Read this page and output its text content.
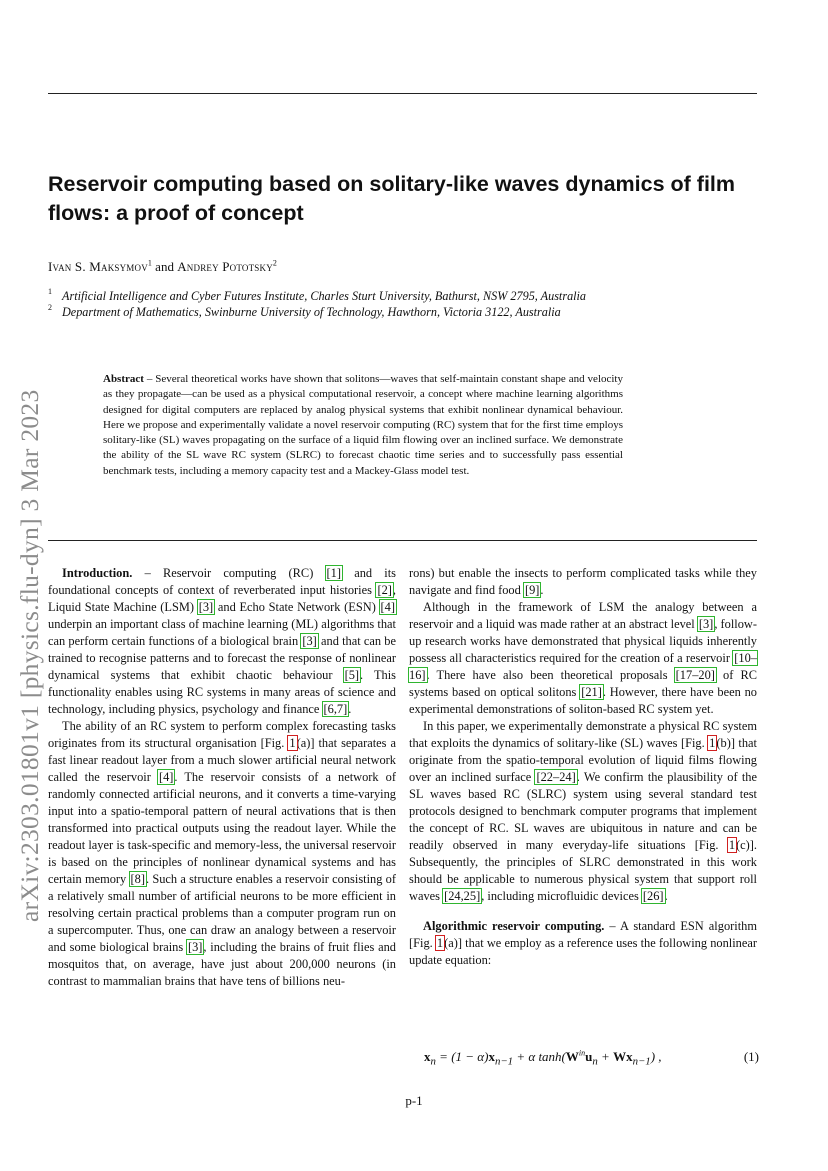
Reservoir computing based on solitary-like waves dynamics of film flows: a proof of concept
Ivan S. Maksymov$^1$ and Andrey Pototsky$^2$
1 Artificial Intelligence and Cyber Futures Institute, Charles Sturt University, Bathurst, NSW 2795, Australia
2 Department of Mathematics, Swinburne University of Technology, Hawthorn, Victoria 3122, Australia
arXiv:2303.01801v1 [physics.flu-dyn] 3 Mar 2023
Abstract – Several theoretical works have shown that solitons—waves that self-maintain constant shape and velocity as they propagate—can be used as a physical computational reservoir, a concept where machine learning algorithms designed for digital computers are replaced by analog physical systems that exhibit nonlinear dynamical behaviour. Here we propose and experimentally validate a novel reservoir computing (RC) system that for the first time employs solitary-like (SL) waves propagating on the surface of a liquid film flowing over an inclined surface. We demonstrate the ability of the SL wave RC system (SLRC) to forecast chaotic time series and to successfully pass essential benchmark tests, including a memory capacity test and a Mackey-Glass model test.

Introduction. – Reservoir computing (RC) [1] and its foundational concepts of context of reverberated input histories [2], Liquid State Machine (LSM) [3] and Echo State Network (ESN) [4] underpin an important class of machine learning (ML) algorithms that can perform certain functions of a biological brain [3] and that can be trained to recognise patterns and to forecast the response of nonlinear dynamical systems that exhibit chaotic behaviour [5]. This functionality enables using RC systems in many areas of science and technology, including physics, psychology and finance [6,7].

The ability of an RC system to perform complex forecasting tasks originates from its structural organisation [Fig. 1(a)] that separates a fast linear readout layer from a much slower artificial neural network called the reservoir [4]. The reservoir consists of a network of randomly connected artificial neurons, and it converts a time-varying input into a spatio-temporal pattern of neural activations that is then transformed into practical outputs using the readout layer. While the readout layer is task-specific and memory-less, the universal reservoir is based on the principles of nonlinear dynamical systems and has certain memory [8]. Such a structure enables a reservoir consisting of a relatively small number of artificial neurons to be more efficient in resolving certain practical problems than a computer program run on a supercomputer. Thus, one can draw an analogy between a reservoir and some biological brains [3], including the brains of fruit flies and mosquitos that, on average, have just about 200,000 neurons (in contrast to mammalian brains that have tens of billions neu-

rons) but enable the insects to perform complicated tasks while they navigate and find food [9].

Although in the framework of LSM the analogy between a reservoir and a liquid was made rather at an abstract level [3], follow-up research works have demonstrated that physical liquids inherently possess all characteristics required for the creation of a reservoir [10–16]. There have also been theoretical proposals [17–20] of RC systems based on optical solitons [21]. However, there have been no experimental demonstrations of soliton-based RC system yet.

In this paper, we experimentally demonstrate a physical RC system that exploits the dynamics of solitary-like (SL) waves [Fig. 1(b)] that originate from the spatio-temporal evolution of liquid films flowing over an inclined surface [22–24]. We confirm the plausibility of the SL waves based RC (SLRC) system using several standard test protocols designed to benchmark computer programs that implement the concept of RC. SL waves are ubiquitous in nature and can be readily observed in many everyday-life situations [Fig. 1(c)]. Subsequently, the principles of SLRC demonstrated in this work should be applicable to numerous physical system that support roll waves [24,25], including microfluidic devices [26].

Algorithmic reservoir computing. – A standard ESN algorithm [Fig. 1(a)] that we employ as a reference uses the following nonlinear update equation:

$x_n = (1 - \alpha)x_{n-1} + \alpha$ $\tanh(W^{in}u_n + Wx_{n-1})$ ,	(1)
p-1
